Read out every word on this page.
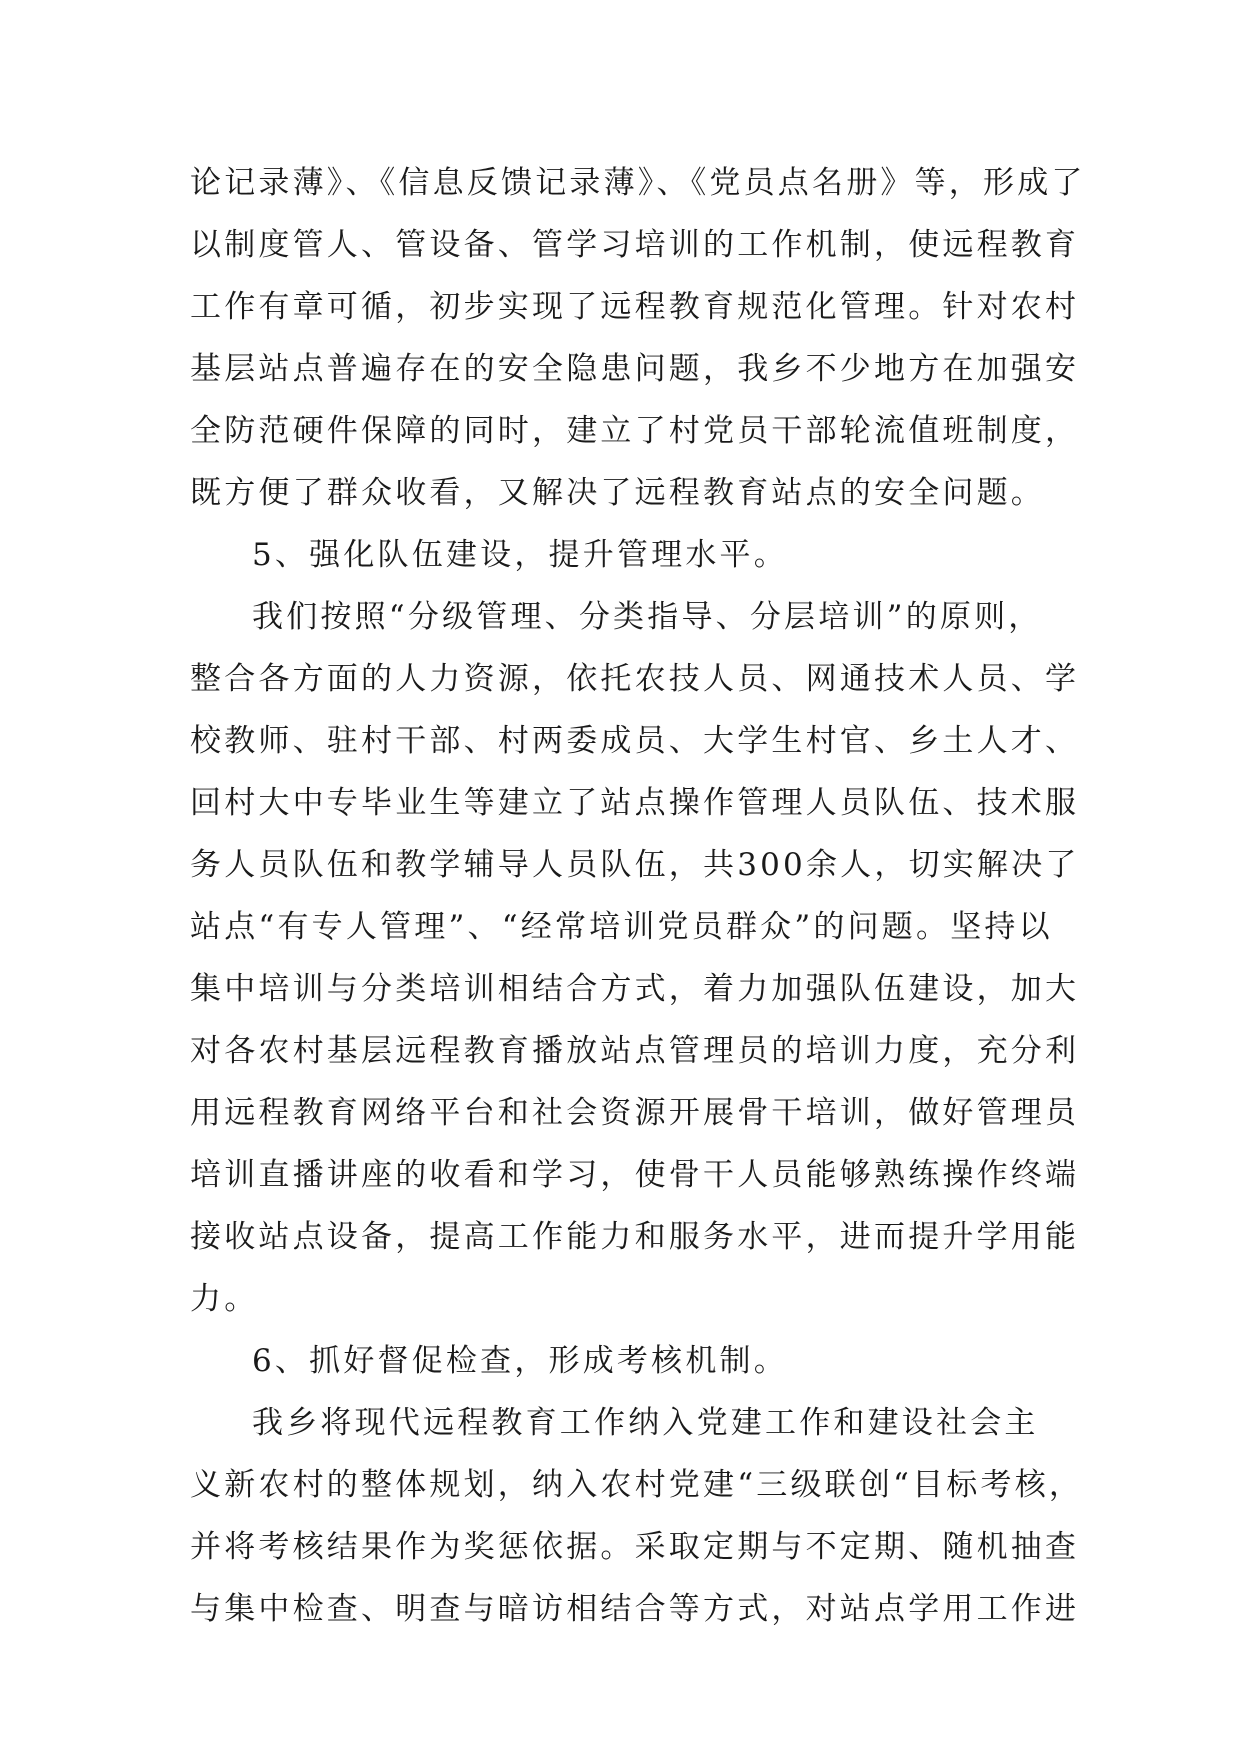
论记录薄》、《信息反馈记录薄》、《党员点名册》等，形成了
以制度管人、管设备、管学习培训的工作机制，使远程教育
工作有章可循，初步实现了远程教育规范化管理。针对农村
基层站点普遍存在的安全隐患问题，我乡不少地方在加强安
全防范硬件保障的同时，建立了村党员干部轮流值班制度，
既方便了群众收看，又解决了远程教育站点的安全问题。
5、强化队伍建设，提升管理水平。
我们按照“分级管理、分类指导、分层培训”的原则，
整合各方面的人力资源，依托农技人员、网通技术人员、学
校教师、驻村干部、村两委成员、大学生村官、乡土人才、
回村大中专毕业生等建立了站点操作管理人员队伍、技术服
务人员队伍和教学辅导人员队伍，共300余人，切实解决了
站点“有专人管理”、“经常培训党员群众”的问题。坚持以
集中培训与分类培训相结合方式，着力加强队伍建设，加大
对各农村基层远程教育播放站点管理员的培训力度，充分利
用远程教育网络平台和社会资源开展骨干培训，做好管理员
培训直播讲座的收看和学习，使骨干人员能够熟练操作终端
接收站点设备，提高工作能力和服务水平，进而提升学用能
力。
6、抓好督促检查，形成考核机制。
我乡将现代远程教育工作纳入党建工作和建设社会主
义新农村的整体规划，纳入农村党建“三级联创“目标考核，
并将考核结果作为奖惩依据。采取定期与不定期、随机抽查
与集中检查、明查与暗访相结合等方式，对站点学用工作进
